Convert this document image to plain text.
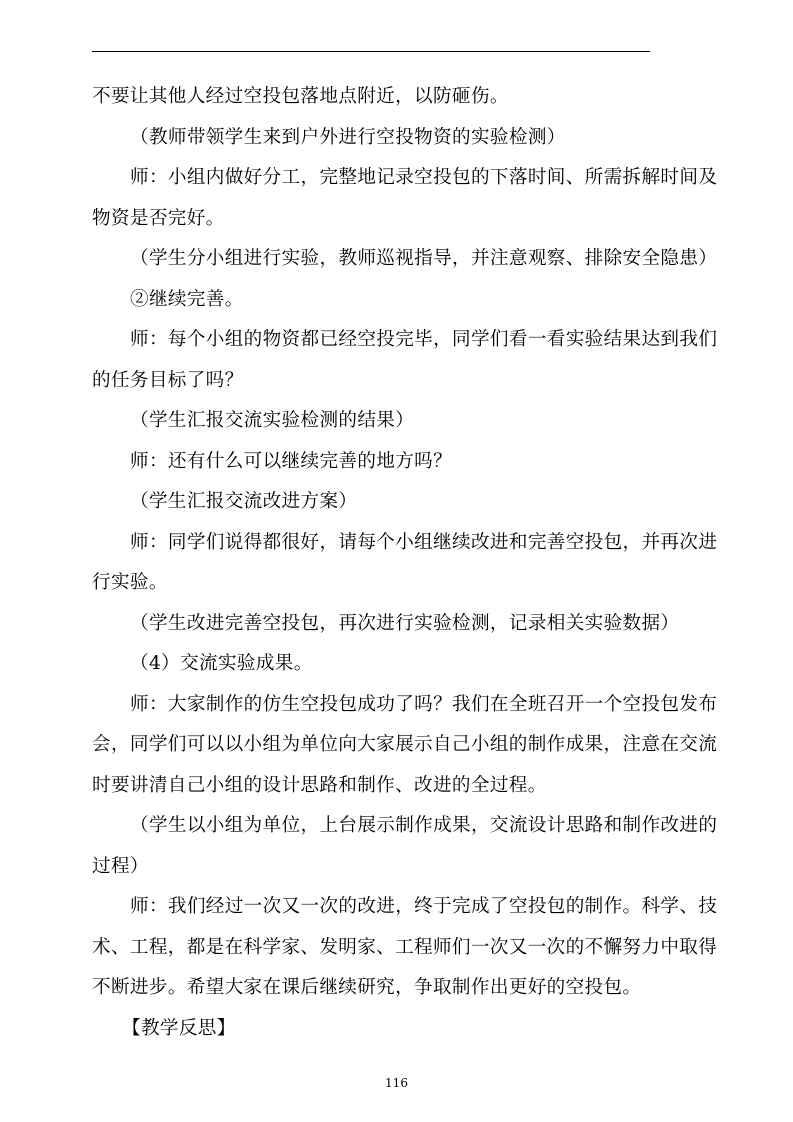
不要让其他人经过空投包落地点附近，以防砸伤。

（教师带领学生来到户外进行空投物资的实验检测）

师：小组内做好分工，完整地记录空投包的下落时间、所需拆解时间及
物资是否完好。

（学生分小组进行实验，教师巡视指导，并注意观察、排除安全隐患）

②继续完善。

师：每个小组的物资都已经空投完毕，同学们看一看实验结果达到我们
的任务目标了吗？

（学生汇报交流实验检测的结果）

师：还有什么可以继续完善的地方吗？

（学生汇报交流改进方案）

师：同学们说得都很好，请每个小组继续改进和完善空投包，并再次进
行实验。

（学生改进完善空投包，再次进行实验检测，记录相关实验数据）

（4）交流实验成果。

师：大家制作的仿生空投包成功了吗？我们在全班召开一个空投包发布
会，同学们可以以小组为单位向大家展示自己小组的制作成果，注意在交流
时要讲清自己小组的设计思路和制作、改进的全过程。

（学生以小组为单位，上台展示制作成果，交流设计思路和制作改进的
过程）

师：我们经过一次又一次的改进，终于完成了空投包的制作。科学、技
术、工程，都是在科学家、发明家、工程师们一次又一次的不懈努力中取得
不断进步。希望大家在课后继续研究，争取制作出更好的空投包。

【教学反思】

116
